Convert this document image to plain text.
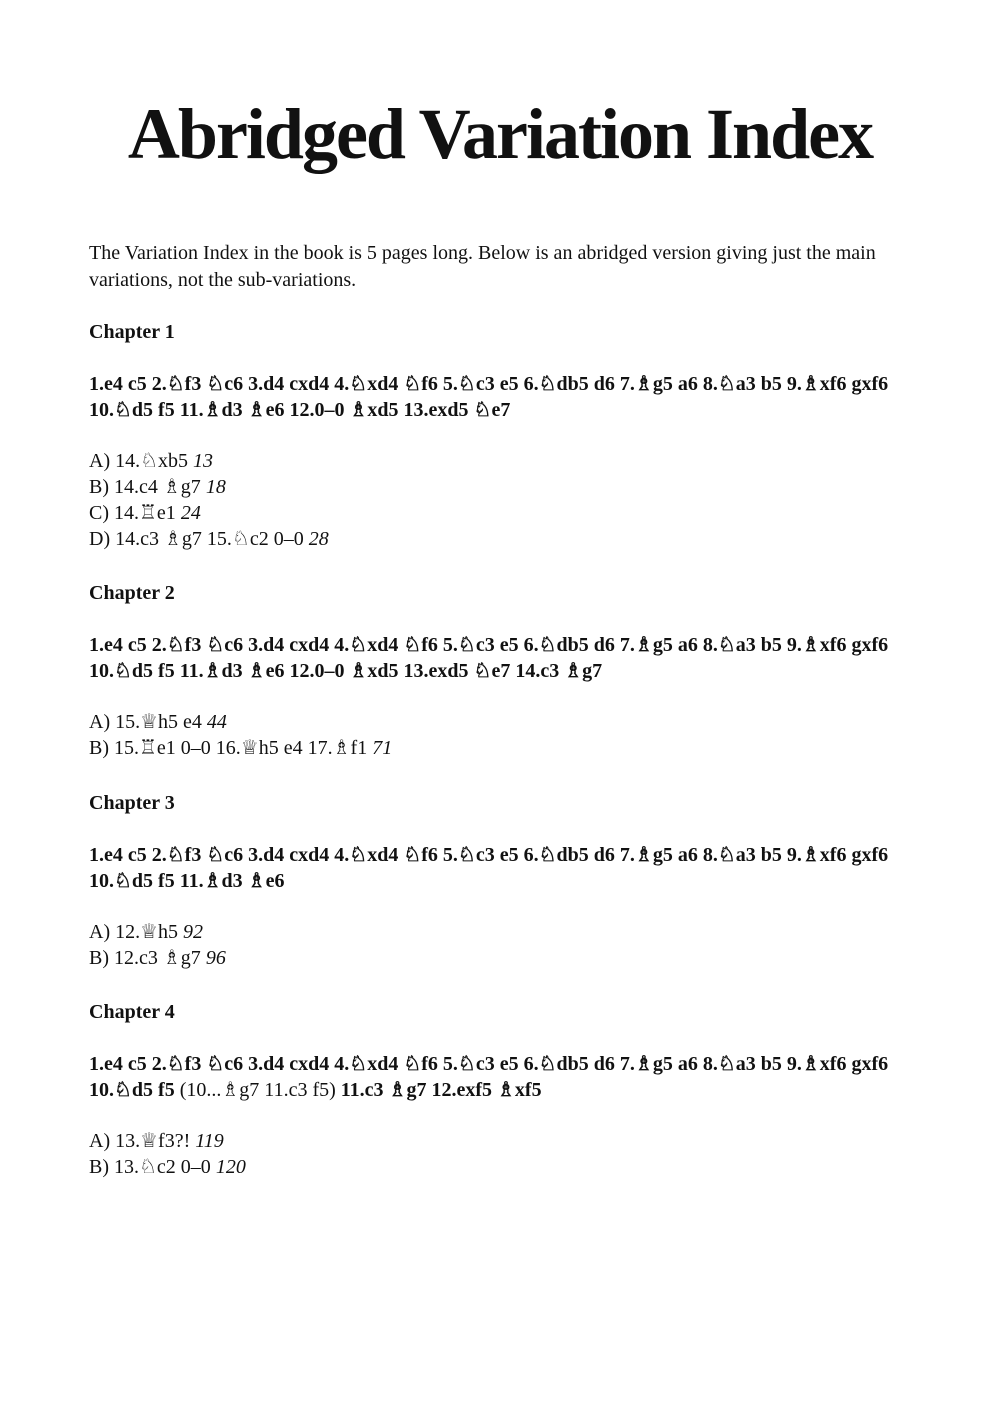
Abridged Variation Index

The Variation Index in the book is 5 pages long. Below is an abridged version giving just the main variations, not the sub-variations.

Chapter 1

1.e4 c5 2.♘f3 ♘c6 3.d4 cxd4 4.♘xd4 ♘f6 5.♘c3 e5 6.♘db5 d6 7.♗g5 a6 8.♘a3 b5 9.♗xf6 gxf6 10.♘d5 f5 11.♗d3 ♗e6 12.0–0 ♗xd5 13.exd5 ♘e7

A) 14.♘xb5 13
B) 14.c4 ♗g7 18
C) 14.♖e1 24
D) 14.c3 ♗g7 15.♘c2 0–0 28
Chapter 2

1.e4 c5 2.♘f3 ♘c6 3.d4 cxd4 4.♘xd4 ♘f6 5.♘c3 e5 6.♘db5 d6 7.♗g5 a6 8.♘a3 b5 9.♗xf6 gxf6 10.♘d5 f5 11.♗d3 ♗e6 12.0–0 ♗xd5 13.exd5 ♘e7 14.c3 ♗g7

A) 15.♕h5 e4 44
B) 15.♖e1 0–0 16.♕h5 e4 17.♗f1 71
Chapter 3

1.e4 c5 2.♘f3 ♘c6 3.d4 cxd4 4.♘xd4 ♘f6 5.♘c3 e5 6.♘db5 d6 7.♗g5 a6 8.♘a3 b5 9.♗xf6 gxf6 10.♘d5 f5 11.♗d3 ♗e6

A) 12.♕h5 92
B) 12.c3 ♗g7 96
Chapter 4

1.e4 c5 2.♘f3 ♘c6 3.d4 cxd4 4.♘xd4 ♘f6 5.♘c3 e5 6.♘db5 d6 7.♗g5 a6 8.♘a3 b5 9.♗xf6 gxf6 10.♘d5 f5 (10...♗g7 11.c3 f5) 11.c3 ♗g7 12.exf5 ♗xf5

A) 13.♕f3?! 119
B) 13.♘c2 0–0 120
